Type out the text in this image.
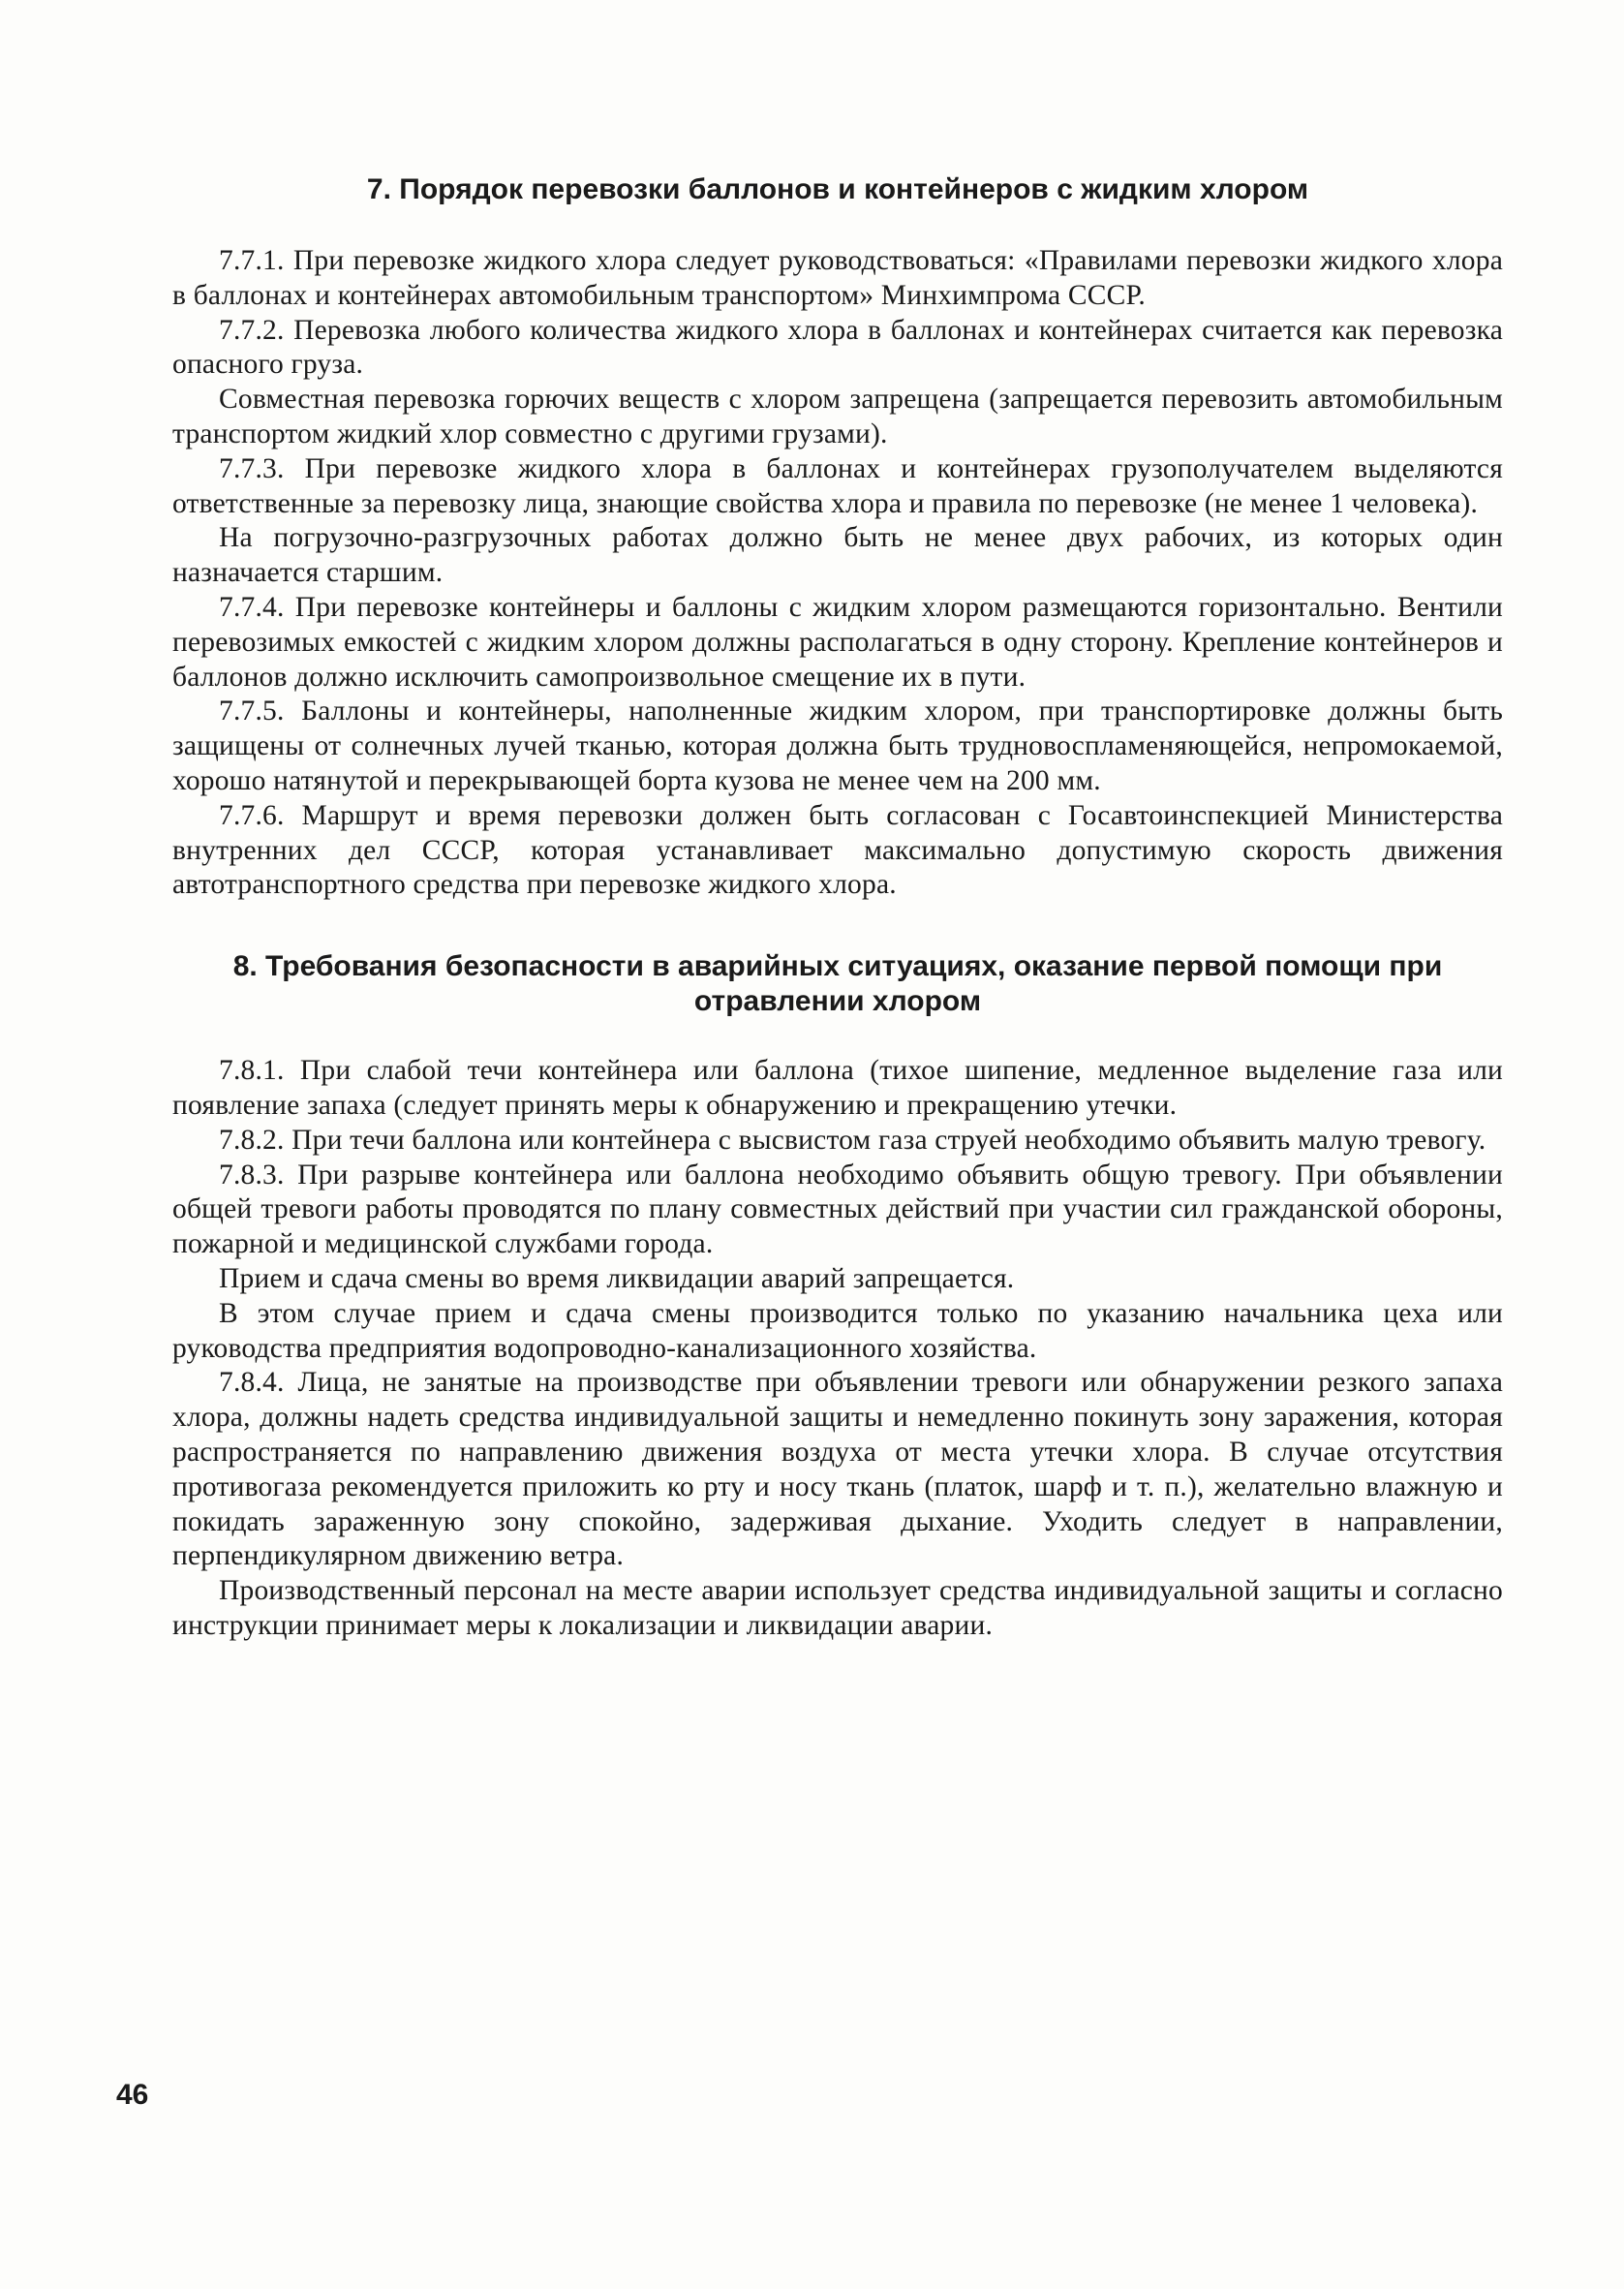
7. Порядок перевозки баллонов и контейнеров с жидким хлором

7.7.1. При перевозке жидкого хлора следует руководствоваться: «Правилами перевозки жидкого хлора в баллонах и контейнерах автомобильным транспортом» Минхимпрома СССР.

7.7.2. Перевозка любого количества жидкого хлора в баллонах и контейнерах считается как перевозка опасного груза.

Совместная перевозка горючих веществ с хлором запрещена (запрещается перевозить автомобильным транспортом жидкий хлор совместно с другими грузами).

7.7.3. При перевозке жидкого хлора в баллонах и контейнерах грузополучателем выделяются ответственные за перевозку лица, знающие свойства хлора и правила по перевозке (не менее 1 человека).

На погрузочно-разгрузочных работах должно быть не менее двух рабочих, из которых один назначается старшим.

7.7.4. При перевозке контейнеры и баллоны с жидким хлором размещаются горизонтально. Вентили перевозимых емкостей с жидким хлором должны располагаться в одну сторону. Крепление контейнеров и баллонов должно исключить самопроизвольное смещение их в пути.

7.7.5. Баллоны и контейнеры, наполненные жидким хлором, при транспортировке должны быть защищены от солнечных лучей тканью, которая должна быть трудновоспламеняющейся, непромокаемой, хорошо натянутой и перекрывающей борта кузова не менее чем на 200 мм.

7.7.6. Маршрут и время перевозки должен быть согласован с Госавтоинспекцией Министерства внутренних дел СССР, которая устанавливает максимально допустимую скорость движения автотранспортного средства при перевозке жидкого хлора.

8. Требования безопасности в аварийных ситуациях, оказание первой помощи при отравлении хлором

7.8.1. При слабой течи контейнера или баллона (тихое шипение, медленное выделение газа или появление запаха (следует принять меры к обнаружению и прекращению утечки.

7.8.2. При течи баллона или контейнера с высвистом газа струей необходимо объявить малую тревогу.

7.8.3. При разрыве контейнера или баллона необходимо объявить общую тревогу. При объявлении общей тревоги работы проводятся по плану совместных действий при участии сил гражданской обороны, пожарной и медицинской службами города.

Прием и сдача смены во время ликвидации аварий запрещается.

В этом случае прием и сдача смены производится только по указанию начальника цеха или руководства предприятия водопроводно-канализационного хозяйства.

7.8.4. Лица, не занятые на производстве при объявлении тревоги или обнаружении резкого запаха хлора, должны надеть средства индивидуальной защиты и немедленно покинуть зону заражения, которая распространяется по направлению движения воздуха от места утечки хлора. В случае отсутствия противогаза рекомендуется приложить ко рту и носу ткань (платок, шарф и т. п.), желательно влажную и покидать зараженную зону спокойно, задерживая дыхание. Уходить следует в направлении, перпендикулярном движению ветра.

Производственный персонал на месте аварии использует средства индивидуальной защиты и согласно инструкции принимает меры к локализации и ликвидации аварии.

46
